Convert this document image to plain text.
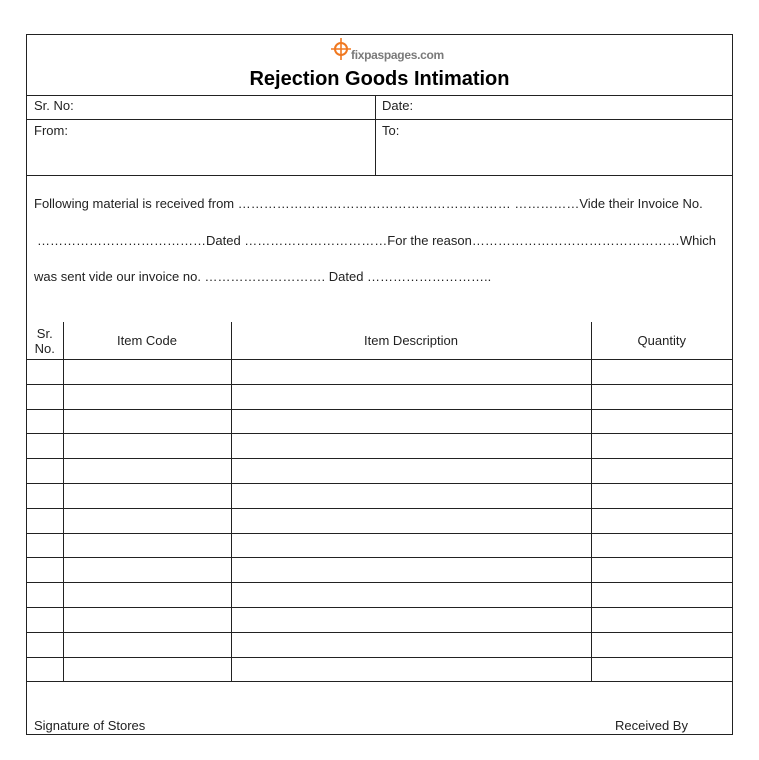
fixpaspages.com
Rejection Goods Intimation
Sr. No:	Date:
From:	To:
Following material is received from ……………………………………………………… ……………Vide their Invoice No.
…………………………………Dated ……………………………For the reason…………………………………………Which
was sent vide our invoice no. ………………………. Dated ………………………..
Sr.
No.	Item Code	Item Description	Quantity

Signature of Stores	Received By
